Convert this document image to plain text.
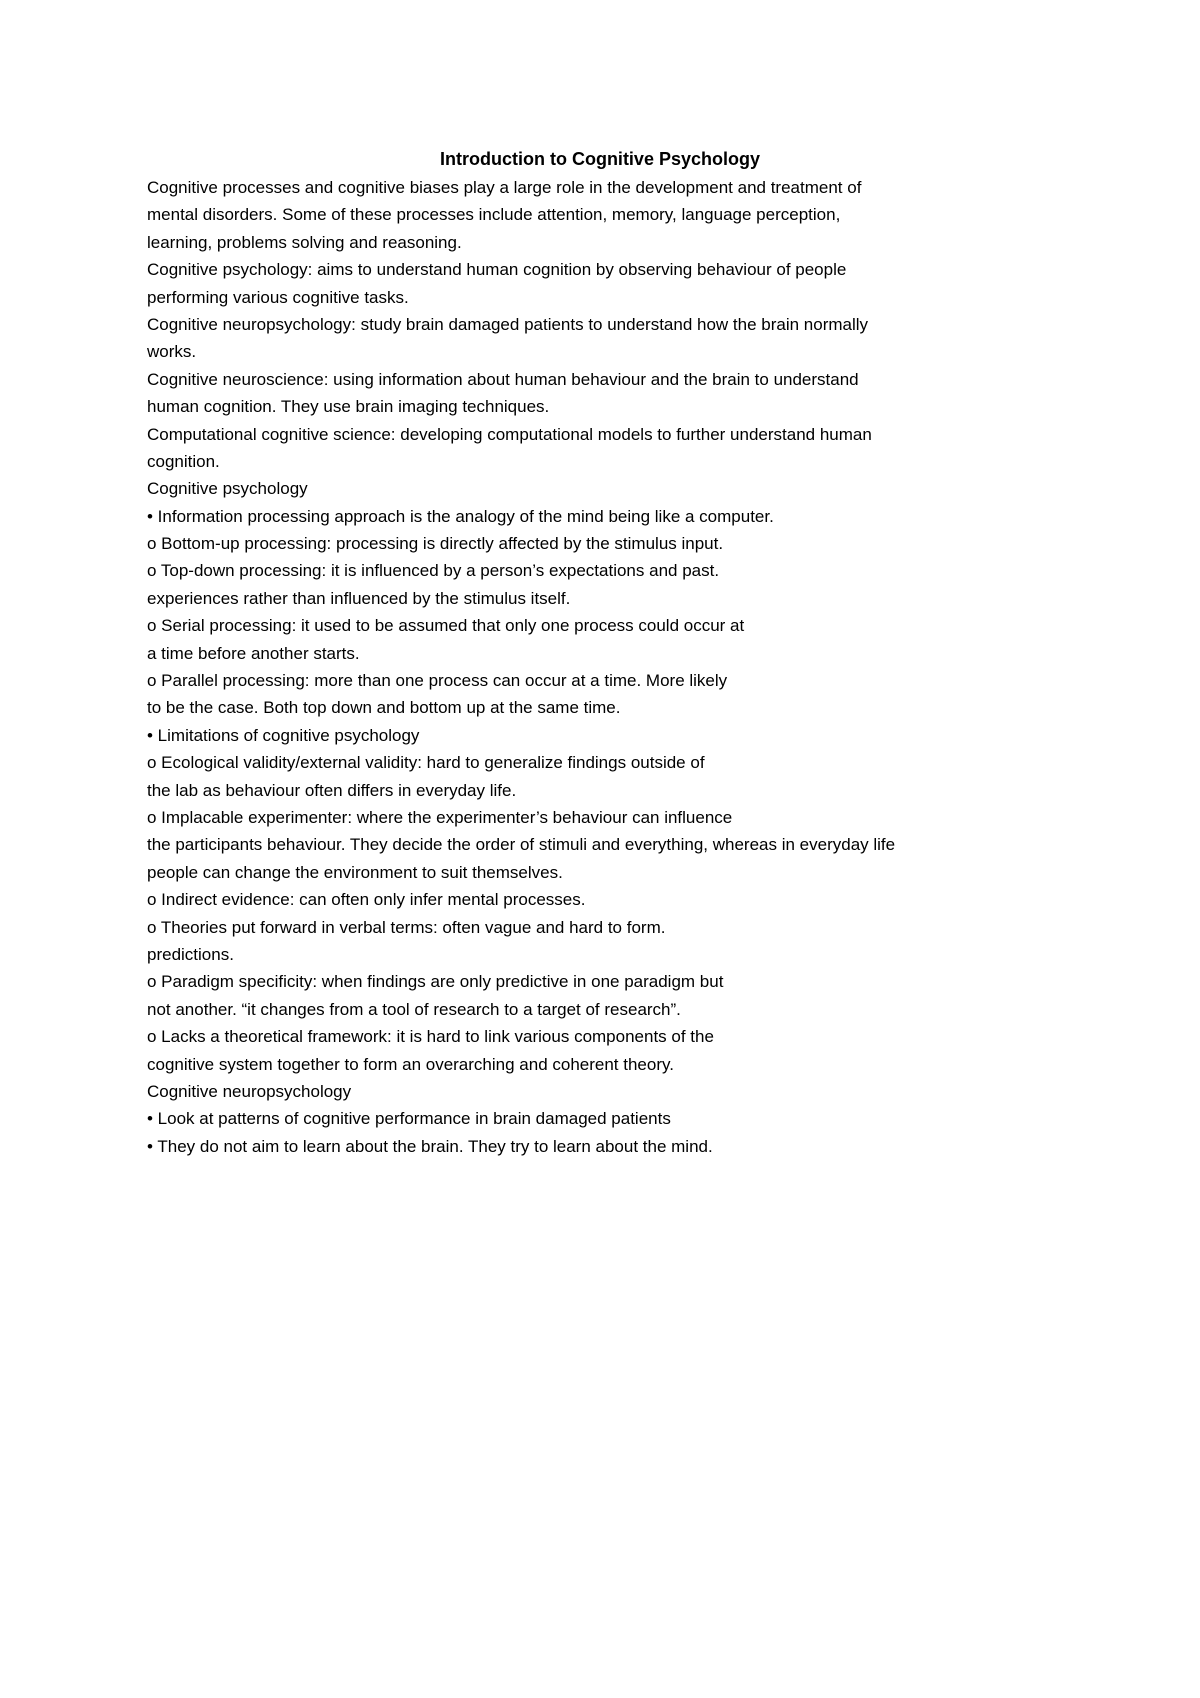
Introduction to Cognitive Psychology
Cognitive processes and cognitive biases play a large role in the development and treatment of
mental disorders. Some of these processes include attention, memory, language perception,
learning, problems solving and reasoning.
Cognitive psychology: aims to understand human cognition by observing behaviour of people
performing various cognitive tasks.
Cognitive neuropsychology: study brain damaged patients to understand how the brain normally
works.
Cognitive neuroscience: using information about human behaviour and the brain to understand
human cognition. They use brain imaging techniques.
Computational cognitive science: developing computational models to further understand human
cognition.
Cognitive psychology
• Information processing approach is the analogy of the mind being like a computer.
o Bottom-up processing: processing is directly affected by the stimulus input.
o Top-down processing: it is influenced by a person’s expectations and past.
experiences rather than influenced by the stimulus itself.
o Serial processing: it used to be assumed that only one process could occur at
a time before another starts.
o Parallel processing: more than one process can occur at a time. More likely
to be the case. Both top down and bottom up at the same time.
• Limitations of cognitive psychology
o Ecological validity/external validity: hard to generalize findings outside of
the lab as behaviour often differs in everyday life.
o Implacable experimenter: where the experimenter’s behaviour can influence
the participants behaviour. They decide the order of stimuli and everything, whereas in everyday life
people can change the environment to suit themselves.
o Indirect evidence: can often only infer mental processes.
o Theories put forward in verbal terms: often vague and hard to form.
predictions.
o Paradigm specificity: when findings are only predictive in one paradigm but
not another. “it changes from a tool of research to a target of research”.
o Lacks a theoretical framework: it is hard to link various components of the
cognitive system together to form an overarching and coherent theory.
Cognitive neuropsychology
• Look at patterns of cognitive performance in brain damaged patients
• They do not aim to learn about the brain. They try to learn about the mind.
